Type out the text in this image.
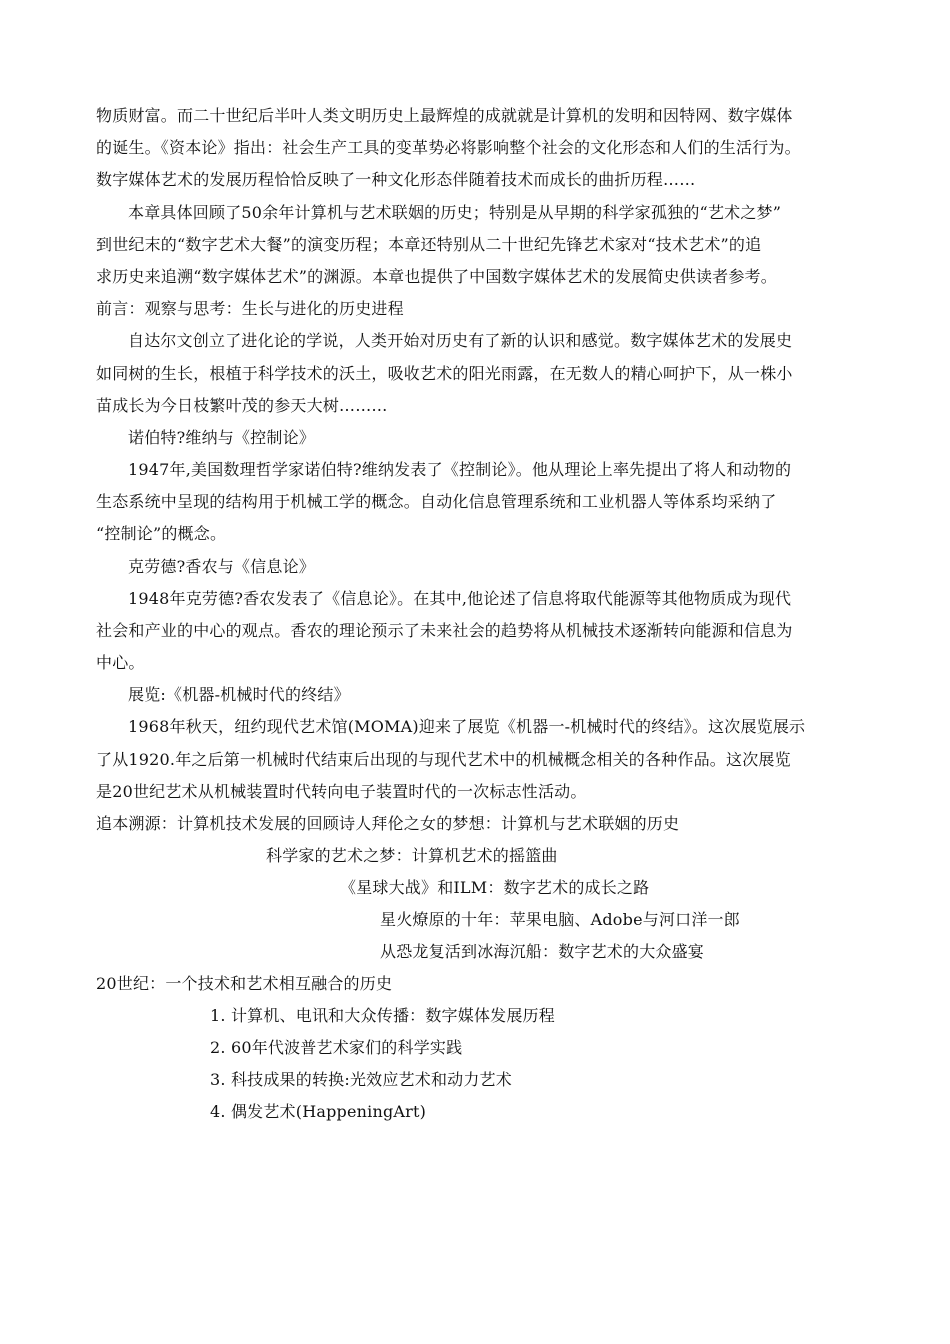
物质财富。而二十世纪后半叶人类文明历史上最辉煌的成就就是计算机的发明和因特网、数字媒体
的诞生。《资本论》指出：社会生产工具的变革势必将影响整个社会的文化形态和人们的生活行为。
数字媒体艺术的发展历程恰恰反映了一种文化形态伴随着技术而成长的曲折历程……
本章具体回顾了50余年计算机与艺术联姻的历史；特别是从早期的科学家孤独的“艺术之梦”
到世纪末的“数字艺术大餐”的演变历程；本章还特别从二十世纪先锋艺术家对“技术艺术”的追
求历史来追溯“数字媒体艺术”的渊源。本章也提供了中国数字媒体艺术的发展简史供读者参考。
前言：观察与思考：生长与进化的历史进程
自达尔文创立了进化论的学说，人类开始对历史有了新的认识和感觉。数字媒体艺术的发展史
如同树的生长，根植于科学技术的沃土，吸收艺术的阳光雨露，在无数人的精心呵护下，从一株小
苗成长为今日枝繁叶茂的参天大树………
诺伯特?维纳与《控制论》
1947年,美国数理哲学家诺伯特?维纳发表了《控制论》。他从理论上率先提出了将人和动物的
生态系统中呈现的结构用于机械工学的概念。自动化信息管理系统和工业机器人等体系均采纳了
“控制论”的概念。
克劳德?香农与《信息论》
1948年克劳德?香农发表了《信息论》。在其中,他论述了信息将取代能源等其他物质成为现代
社会和产业的中心的观点。香农的理论预示了未来社会的趋势将从机械技术逐渐转向能源和信息为
中心。
展览:《机器-机械时代的终结》
1968年秋天，纽约现代艺术馆(MOMA)迎来了展览《机器一-机械时代的终结》。这次展览展示
了从1920.年之后第一机械时代结束后出现的与现代艺术中的机械概念相关的各种作品。这次展览
是20世纪艺术从机械装置时代转向电子装置时代的一次标志性活动。
追本溯源：计算机技术发展的回顾诗人拜伦之女的梦想：计算机与艺术联姻的历史
科学家的艺术之梦：计算机艺术的摇篮曲
《星球大战》和ILM：数字艺术的成长之路
星火燎原的十年：苹果电脑、Adobe与河口洋一郎
从恐龙复活到冰海沉船：数字艺术的大众盛宴
20世纪：一个技术和艺术相互融合的历史
1. 计算机、电讯和大众传播：数字媒体发展历程
2. 60年代波普艺术家们的科学实践
3. 科技成果的转换:光效应艺术和动力艺术
4. 偶发艺术(HappeningArt)
